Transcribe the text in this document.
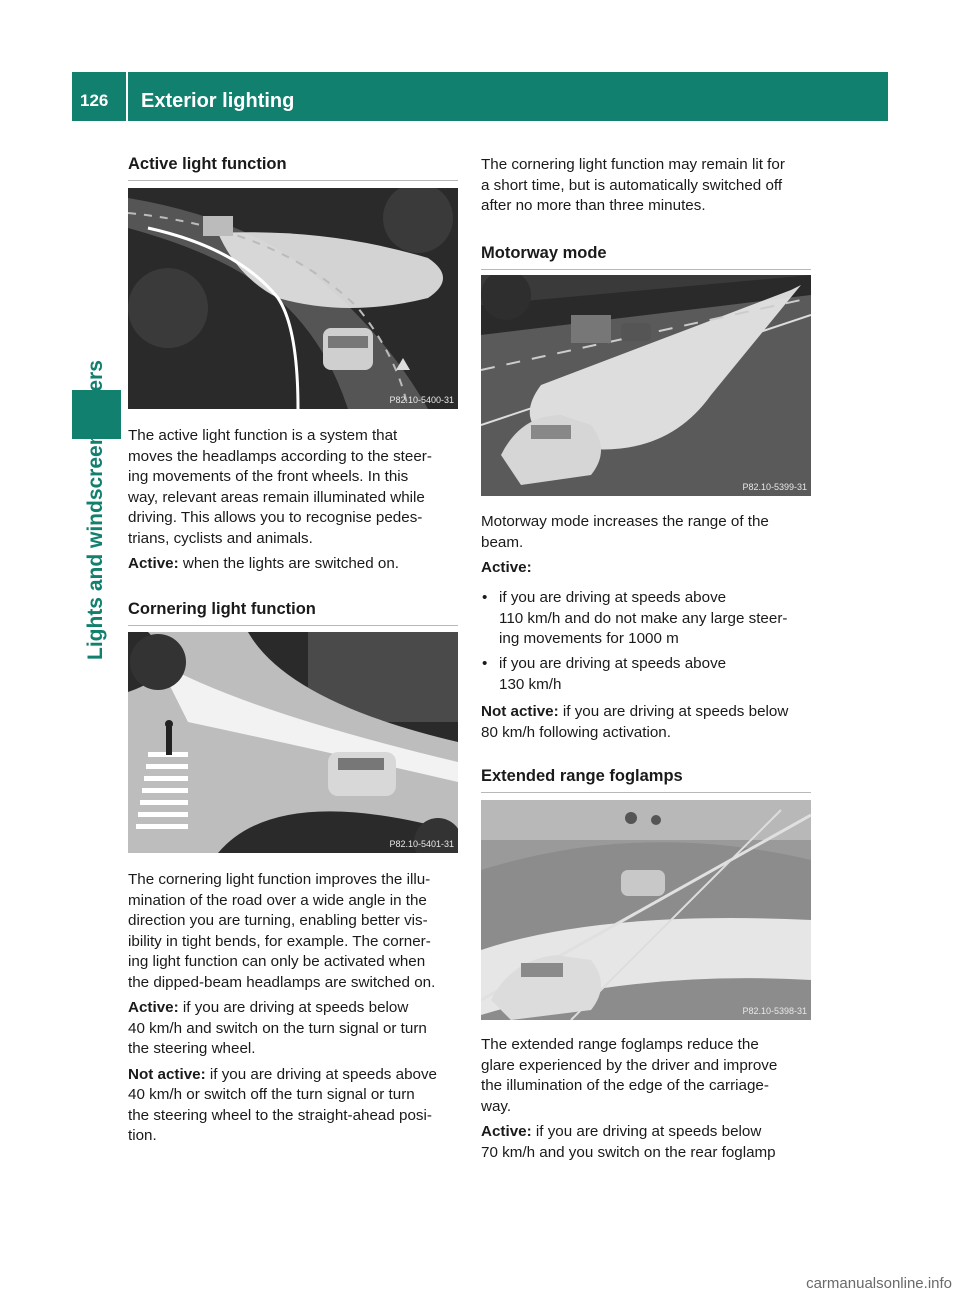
126 Exterior lighting
Lights and windscreen wipers
Active light function
P82.10-5400-31
The active light function is a system that
moves the headlamps according to the steer-
ing movements of the front wheels. In this
way, relevant areas remain illuminated while
driving. This allows you to recognise pedes-
trians, cyclists and animals.
Active: when the lights are switched on.
Cornering light function
P82.10-5401-31
The cornering light function improves the illu-
mination of the road over a wide angle in the
direction you are turning, enabling better vis-
ibility in tight bends, for example. The corner-
ing light function can only be activated when
the dipped-beam headlamps are switched on.
Active: if you are driving at speeds below
40 km/h and switch on the turn signal or turn
the steering wheel.
Not active: if you are driving at speeds above
40 km/h or switch off the turn signal or turn
the steering wheel to the straight-ahead posi-
tion.
The cornering light function may remain lit for
a short time, but is automatically switched off
after no more than three minutes.
Motorway mode
P82.10-5399-31
Motorway mode increases the range of the
beam.
Active:
• if you are driving at speeds above
110 km/h and do not make any large steer-
ing movements for 1000 m
• if you are driving at speeds above
130 km/h
Not active: if you are driving at speeds below
80 km/h following activation.
Extended range foglamps
P82.10-5398-31
The extended range foglamps reduce the
glare experienced by the driver and improve
the illumination of the edge of the carriage-
way.
Active: if you are driving at speeds below
70 km/h and you switch on the rear foglamp
carmanualsonline.info
